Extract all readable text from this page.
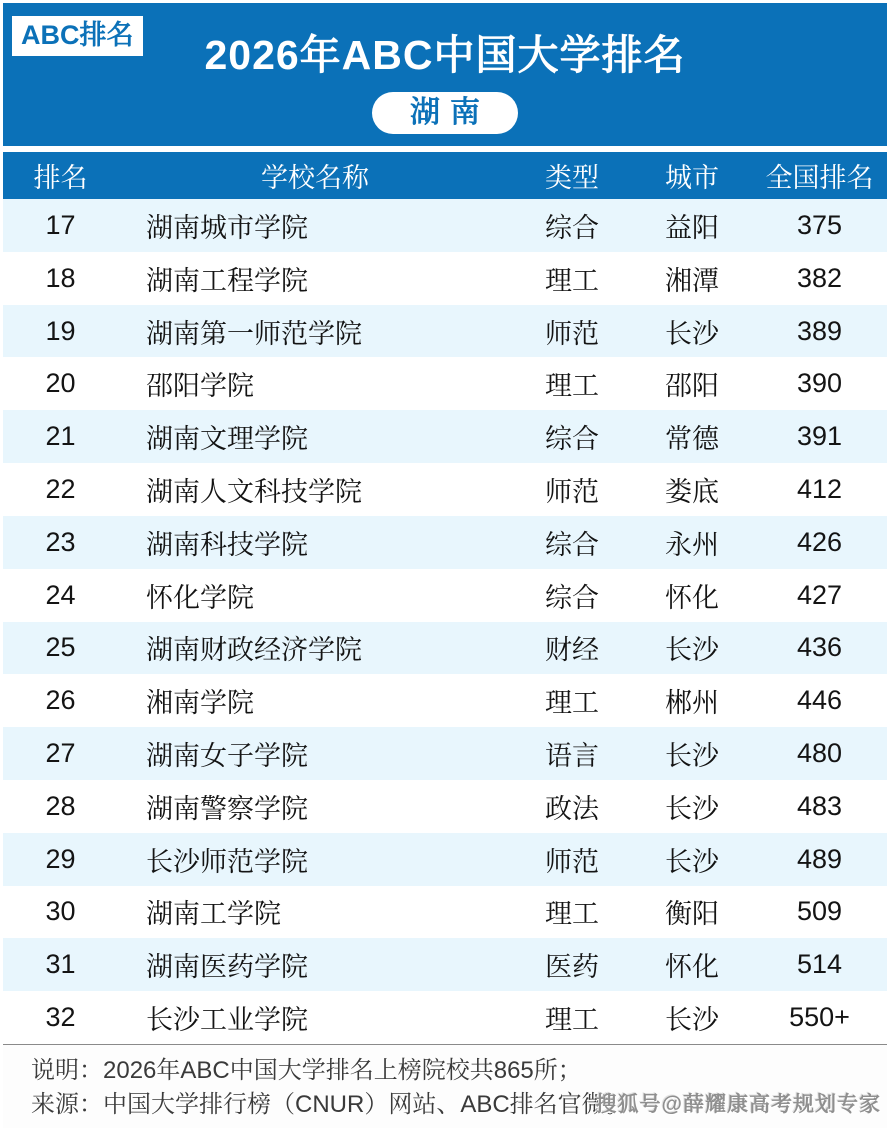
ABC排名	2026年ABC中国大学排名
湖南
排名	学校名称	类型	城市	全国排名
17	湖南城市学院	综合	益阳	375
18	湖南工程学院	理工	湘潭	382
19	湖南第一师范学院	师范	长沙	389
20	邵阳学院	理工	邵阳	390
21	湖南文理学院	综合	常德	391
22	湖南人文科技学院	师范	娄底	412
23	湖南科技学院	综合	永州	426
24	怀化学院	综合	怀化	427
25	湖南财政经济学院	财经	长沙	436
26	湘南学院	理工	郴州	446
27	湖南女子学院	语言	长沙	480
28	湖南警察学院	政法	长沙	483
29	长沙师范学院	师范	长沙	489
30	湖南工学院	理工	衡阳	509
31	湖南医药学院	医药	怀化	514
32	长沙工业学院	理工	长沙	550+
说明：2026年ABC中国大学排名上榜院校共865所；
来源：中国大学排行榜（CNUR）网站、ABC排名官微。
搜狐号@薛耀康高考规划专家
